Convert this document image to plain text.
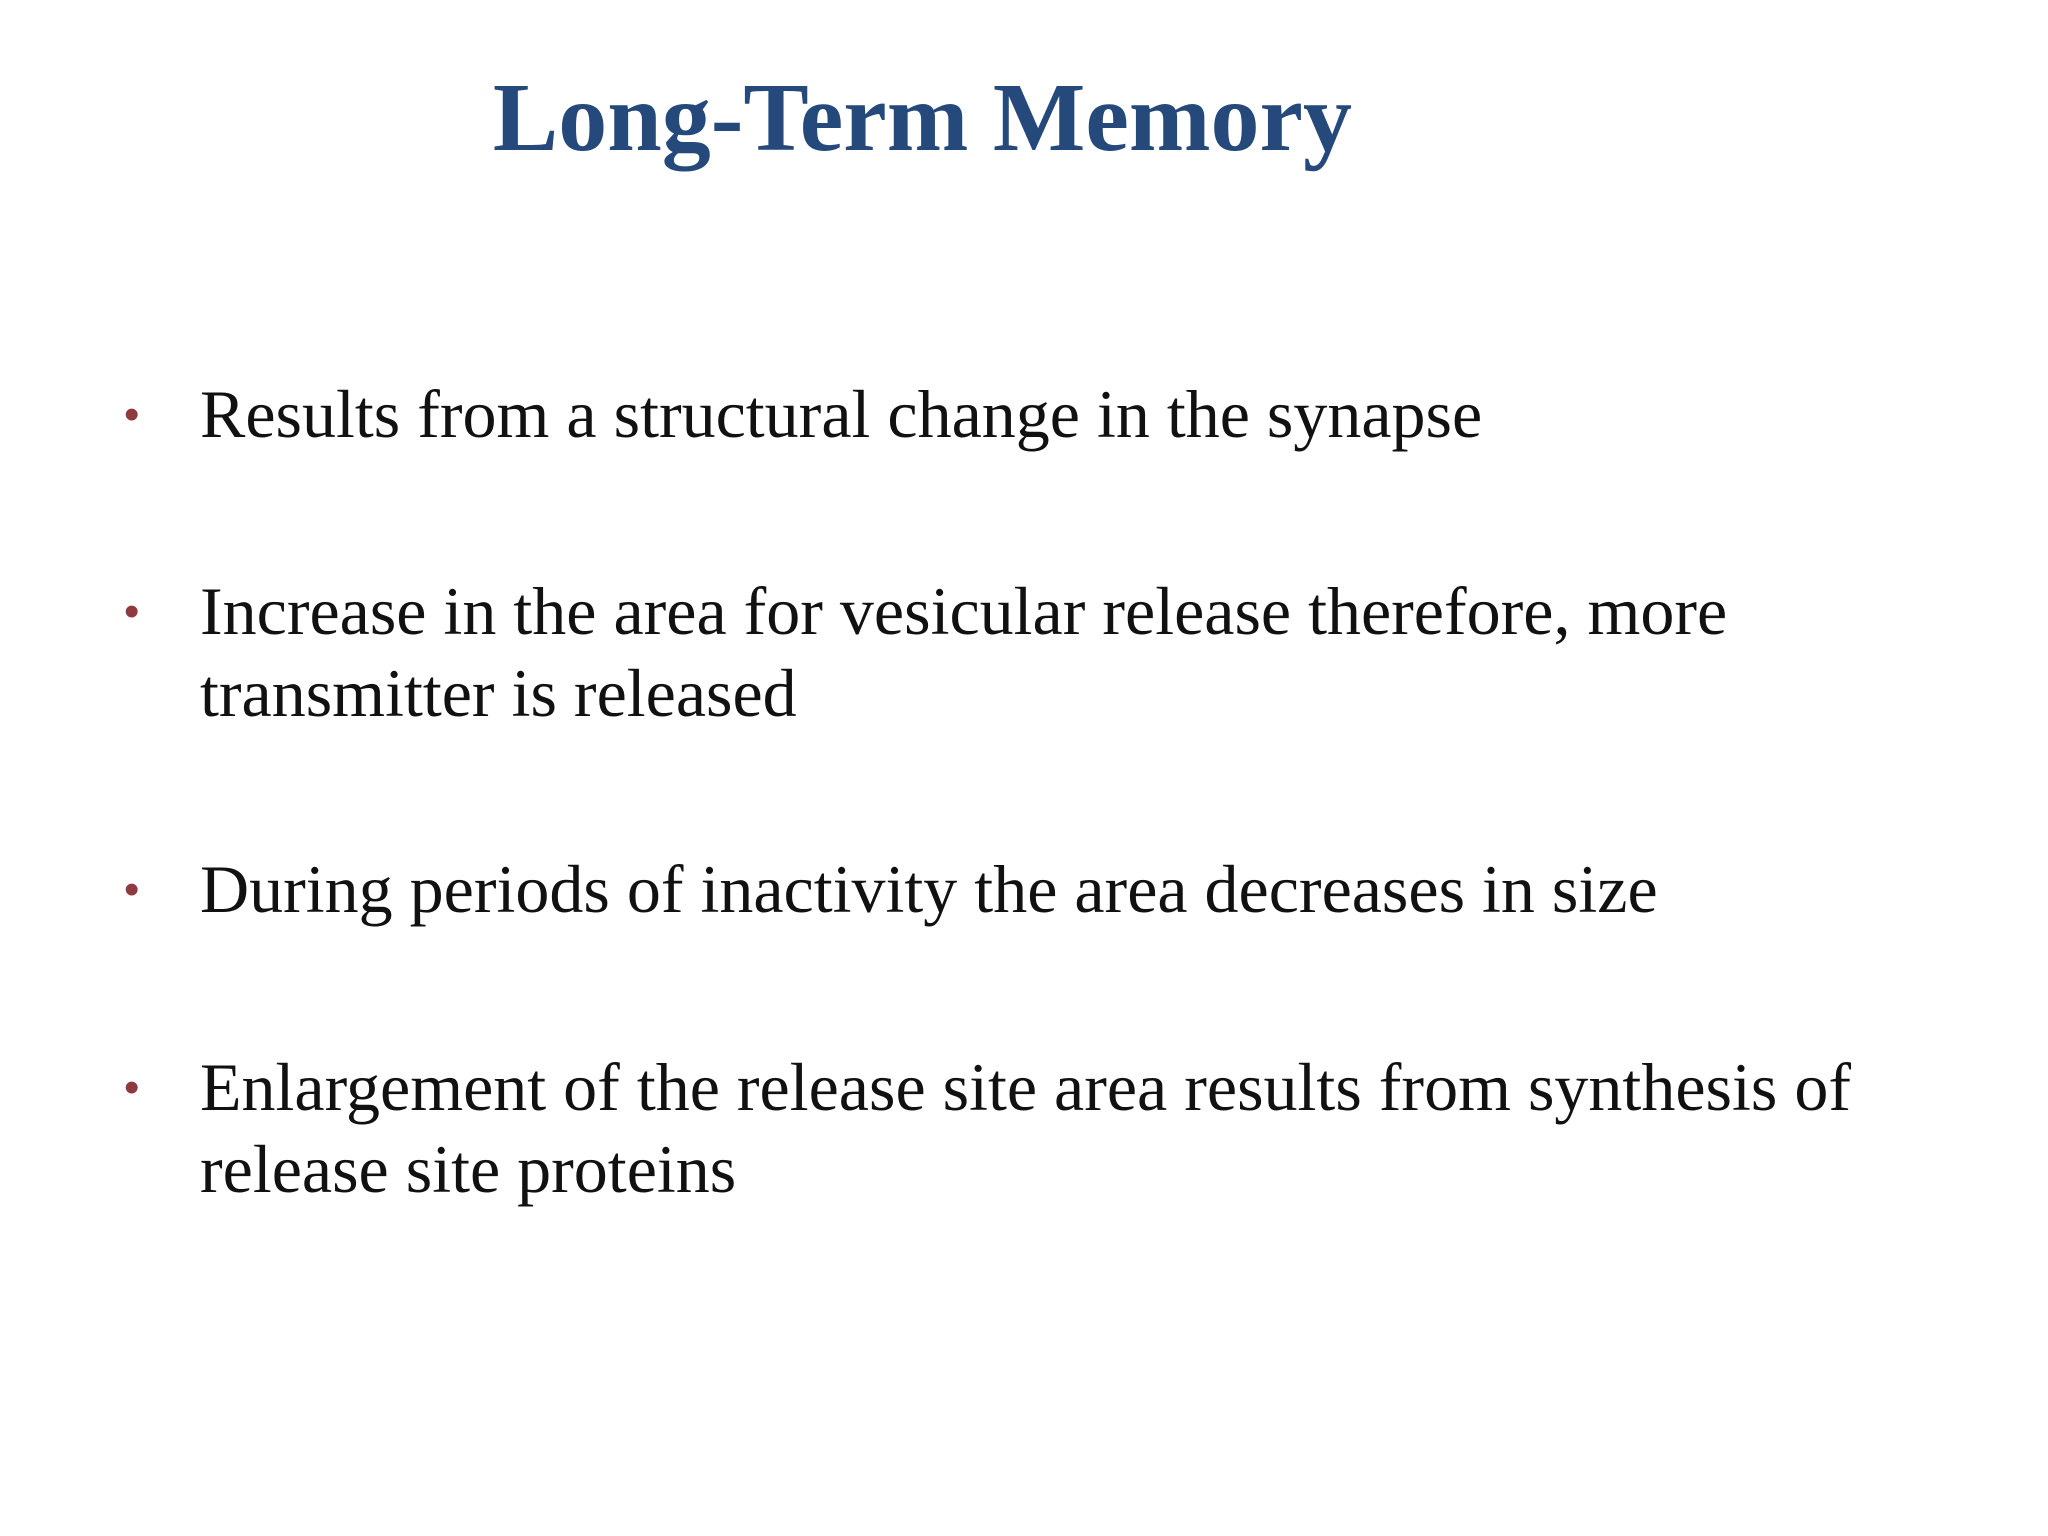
Long-Term Memory
• Results from a structural change in the synapse
• Increase in the area for vesicular release therefore, more transmitter is released
• During periods of inactivity the area decreases in size
• Enlargement of the release site area results from synthesis of release site proteins
